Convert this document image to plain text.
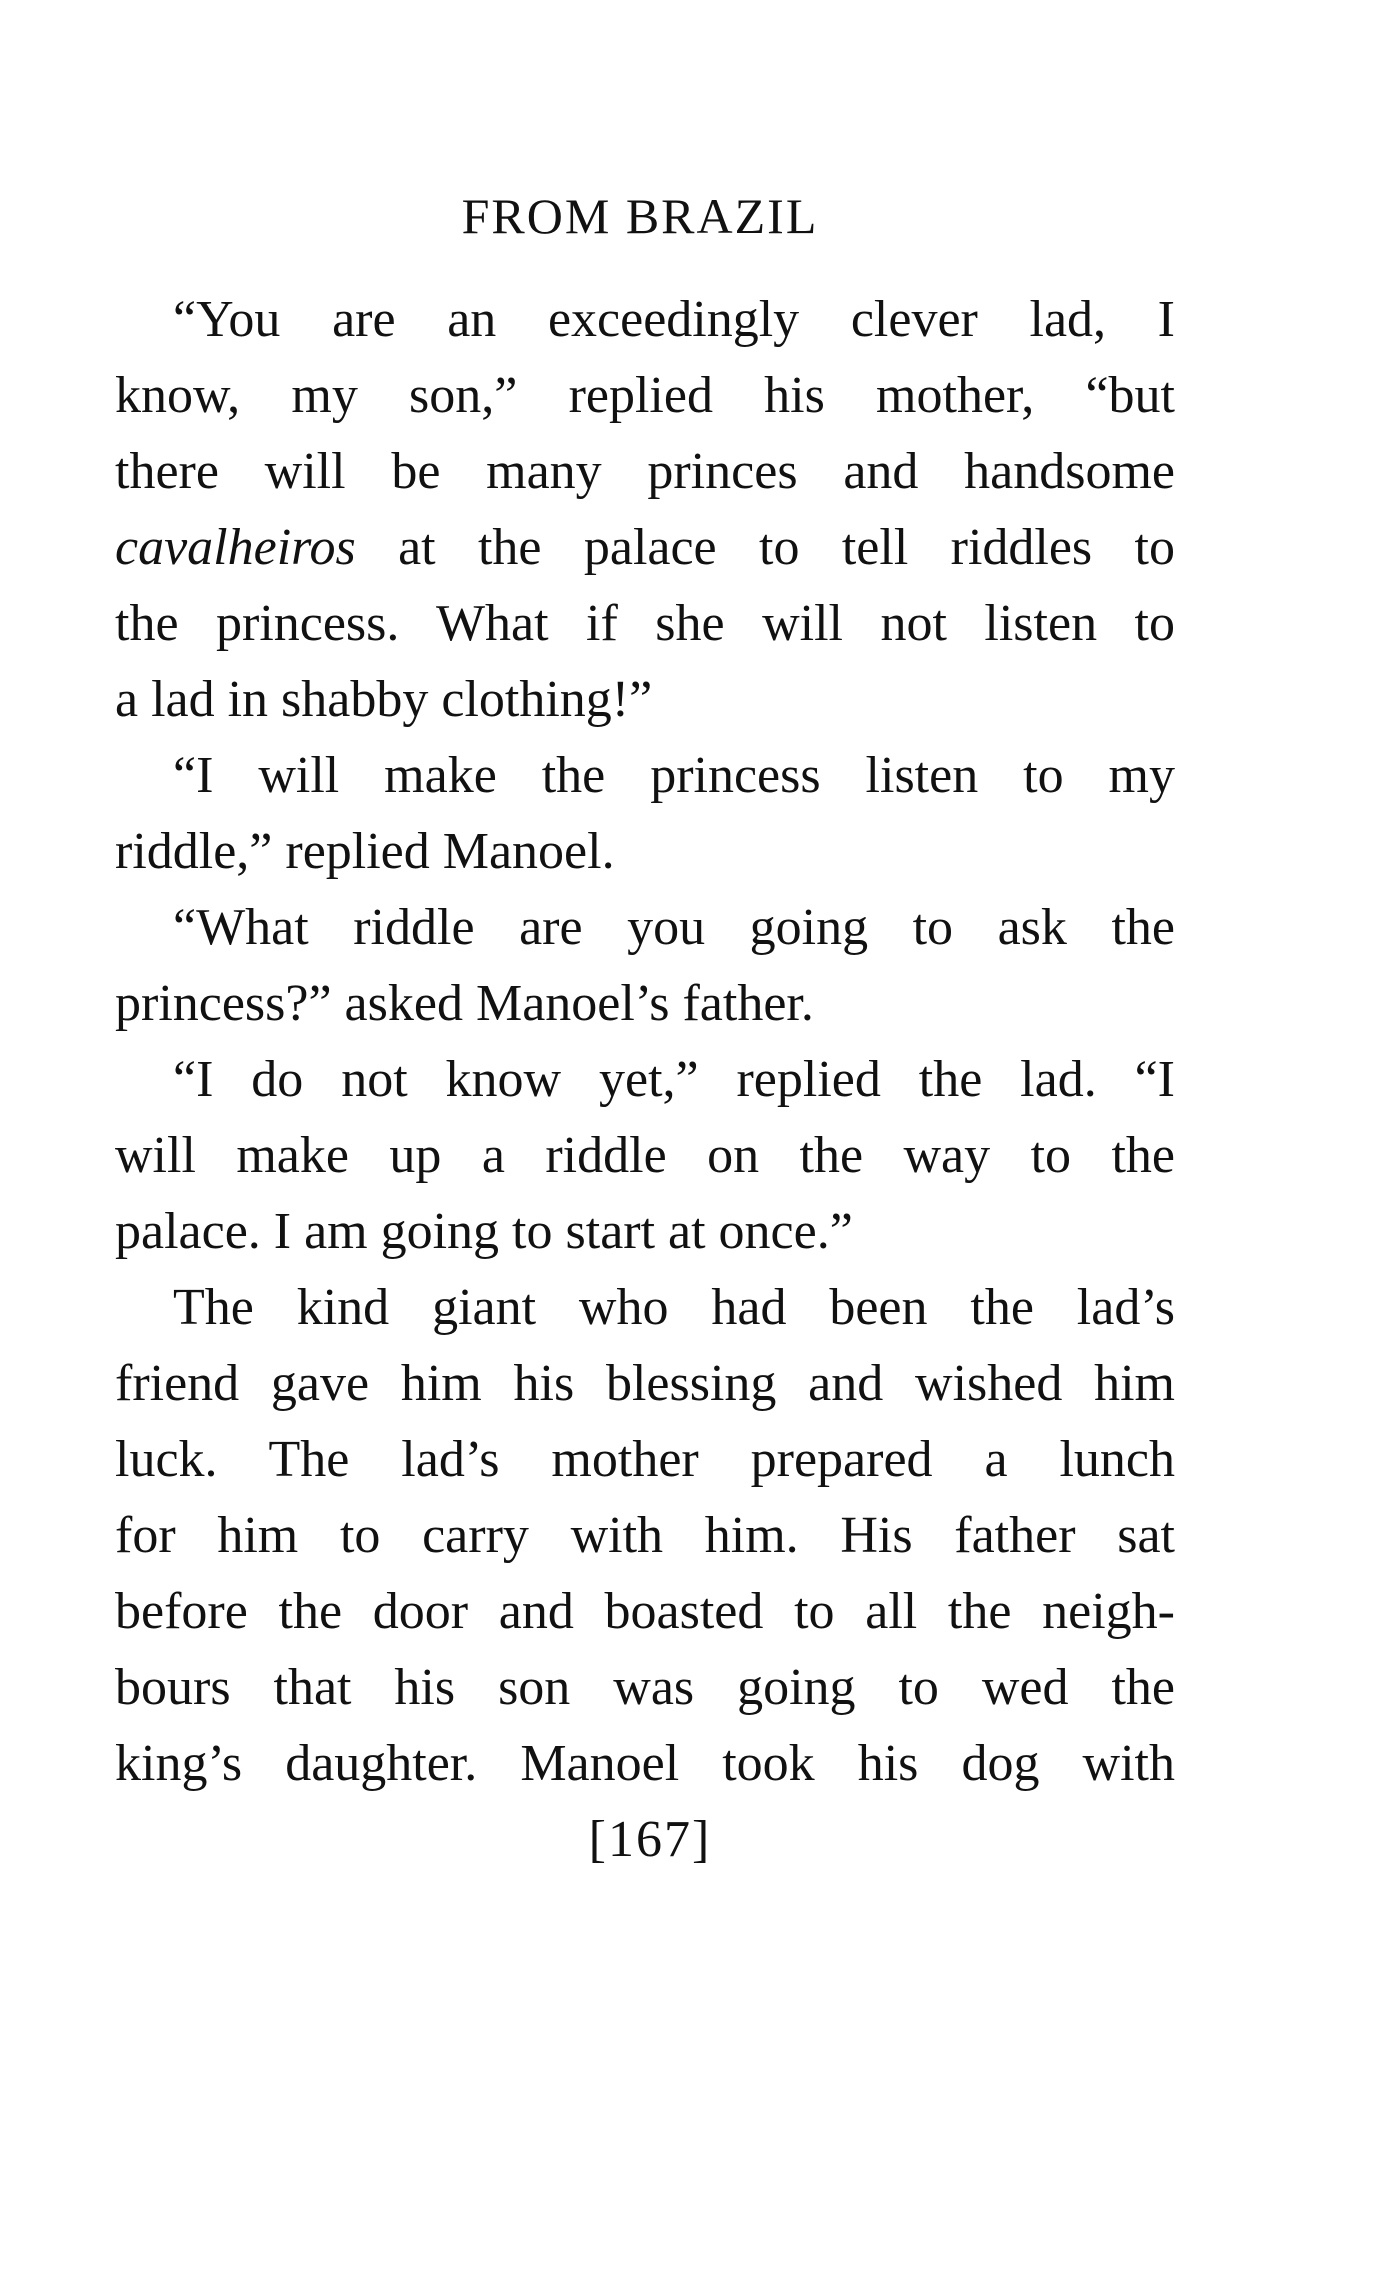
FROM BRAZIL
“You are an exceedingly clever lad, I
know, my son,” replied his mother, “but
there will be many princes and handsome
cavalheiros at the palace to tell riddles to
the princess. What if she will not listen to
a lad in shabby clothing!”
“I will make the princess listen to my
riddle,” replied Manoel.
“What riddle are you going to ask the
princess?” asked Manoel’s father.
“I do not know yet,” replied the lad. “I
will make up a riddle on the way to the
palace. I am going to start at once.”
The kind giant who had been the lad’s
friend gave him his blessing and wished him
luck. The lad’s mother prepared a lunch
for him to carry with him. His father sat
before the door and boasted to all the neigh-
bours that his son was going to wed the
king’s daughter. Manoel took his dog with
[167]
